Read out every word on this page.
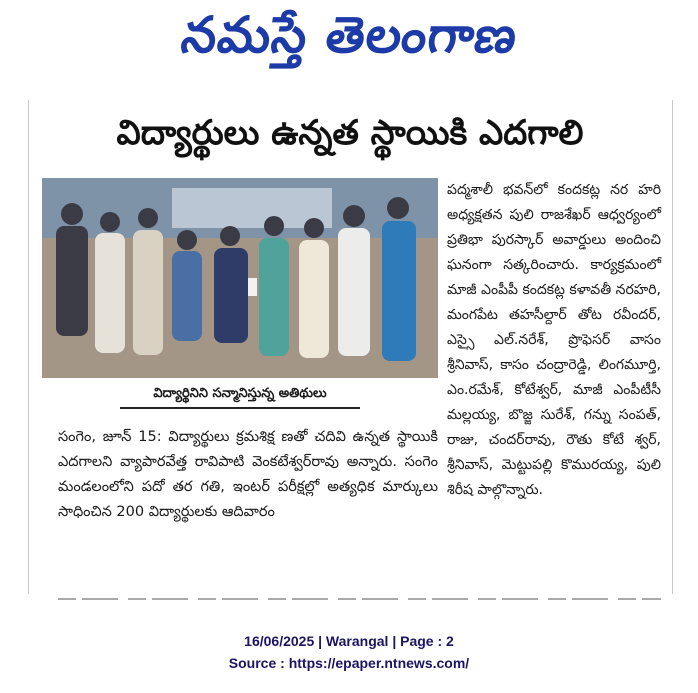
నమస్తే తెలంగాణ
విద్యార్థులు ఉన్నత స్థాయికి ఎదగాలి
విద్యార్థినిని సన్మానిస్తున్న అతిథులు

సంగెం, జూన్ 15: విద్యార్థులు క్రమశిక్ష ణతో చదివి ఉన్నత స్థాయికి ఎదగాలని వ్యాపారవేత్త రావిపాటి వెంకటేశ్వర్‌రావు అన్నారు. సంగెం మండలంలోని పదో తర గతి, ఇంటర్ పరీక్షల్లో అత్యధిక మార్కులు సాధించిన 200 విద్యార్థులకు ఆదివారం

పద్మశాలీ భవన్‌లో కందకట్ల నర హరి అధ్యక్షతన పులి రాజశేఖర్ ఆధ్వర్యంలో ప్రతిభా పురస్కార్ అవార్డులు అందించి ఘనంగా సత్కరించారు. కార్యక్రమంలో మాజీ ఎంపీపీ కందకట్ల కళావతీ నరహరి, మంగపేట తహసీల్దార్ తోట రవీందర్, ఎస్సై ఎల్.నరేశ్, ప్రొఫెసర్ వాసం శ్రీనివాస్, కాసం చంద్రారెడ్డి, లింగమూర్తి, ఎం.రమేశ్, కోటేశ్వర్, మాజీ ఎంపీటీసీ మల్లయ్య, బొజ్జ సురేశ్, గన్ను సంపత్, రాజు, చందర్‌రావు, రౌతు కోటే శ్వర్, శ్రీనివాస్, మెట్టుపల్లి కొమురయ్య, పులి శిరీష పాల్గొన్నారు.

16/06/2025 | Warangal | Page : 2
Source : https://epaper.ntnews.com/
